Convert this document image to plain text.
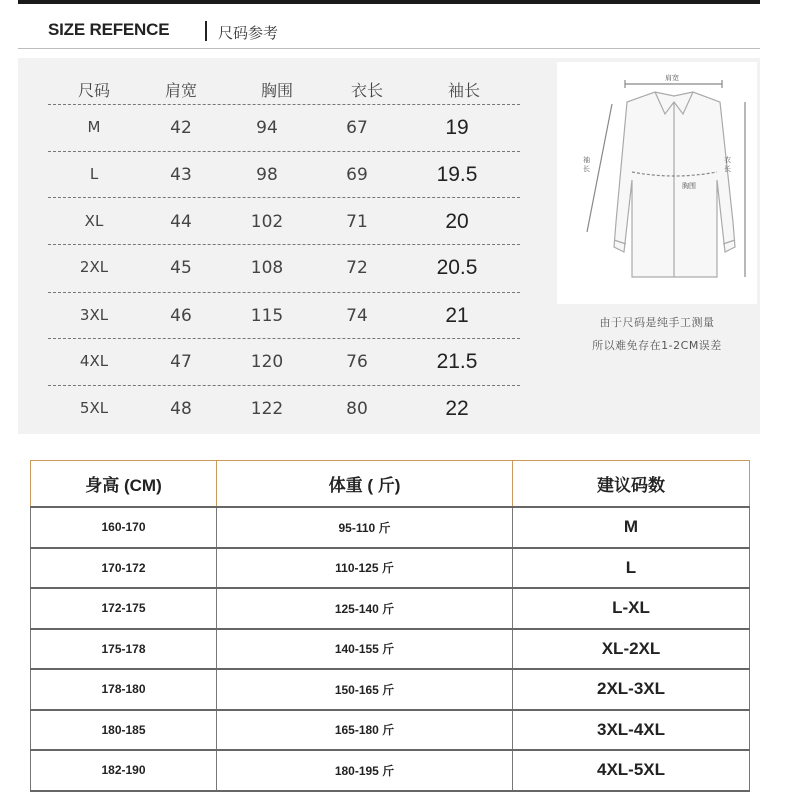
SIZE REFENCE	尺码参考
尺码	肩宽	胸围	衣长	袖长
M	42	94	67	19
L	43	98	69	19.5
XL	44	102	71	20
2XL	45	108	72	20.5
3XL	46	115	74	21
4XL	47	120	76	21.5
5XL	48	122	80	22
肩宽
袖长
衣长
胸围
由于尺码是纯手工测量
所以难免存在1-2CM误差
身高 (CM)	体重 ( 斤)	建议码数
160-170	95-110 斤	M
170-172	110-125 斤	L
172-175	125-140 斤	L-XL
175-178	140-155 斤	XL-2XL
178-180	150-165 斤	2XL-3XL
180-185	165-180 斤	3XL-4XL
182-190	180-195 斤	4XL-5XL
